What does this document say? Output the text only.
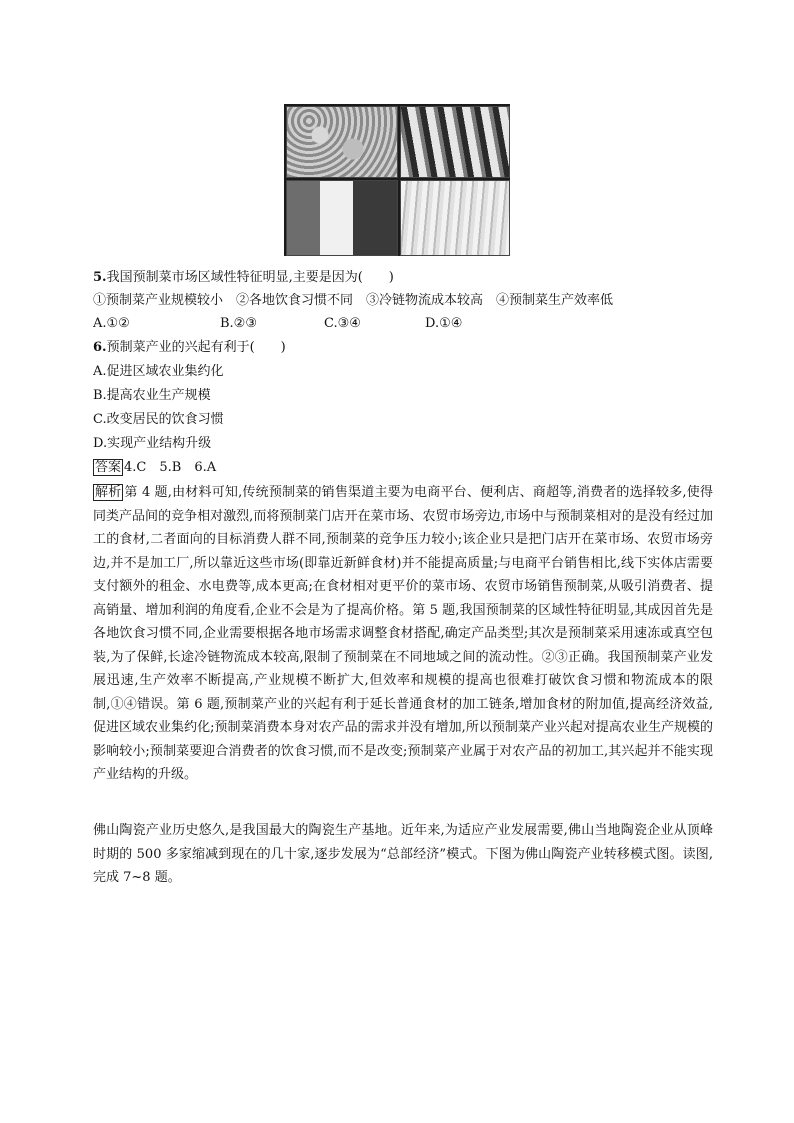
5.我国预制菜市场区域性特征明显,主要是因为(　　)
①预制菜产业规模较小　②各地饮食习惯不同　③冷链物流成本较高　④预制菜生产效率低
A.①②	B.②③	C.③④	D.①④
6.预制菜产业的兴起有利于(　　)
A.促进区域农业集约化
B.提高农业生产规模
C.改变居民的饮食习惯
D.实现产业结构升级
答案 4.C　5.B　6.A

解析 第 4 题,由材料可知,传统预制菜的销售渠道主要为电商平台、便利店、商超等,消费者的选择较多,使得同类产品间的竞争相对激烈,而将预制菜门店开在菜市场、农贸市场旁边,市场中与预制菜相对的是没有经过加工的食材,二者面向的目标消费人群不同,预制菜的竞争压力较小;该企业只是把门店开在菜市场、农贸市场旁边,并不是加工厂,所以靠近这些市场(即靠近新鲜食材)并不能提高质量;与电商平台销售相比,线下实体店需要支付额外的租金、水电费等,成本更高;在食材相对更平价的菜市场、农贸市场销售预制菜,从吸引消费者、提高销量、增加利润的角度看,企业不会是为了提高价格。第 5 题,我国预制菜的区域性特征明显,其成因首先是各地饮食习惯不同,企业需要根据各地市场需求调整食材搭配,确定产品类型;其次是预制菜采用速冻或真空包装,为了保鲜,长途冷链物流成本较高,限制了预制菜在不同地域之间的流动性。②③正确。我国预制菜产业发展迅速,生产效率不断提高,产业规模不断扩大,但效率和规模的提高也很难打破饮食习惯和物流成本的限制,①④错误。第 6 题,预制菜产业的兴起有利于延长普通食材的加工链条,增加食材的附加值,提高经济效益,促进区域农业集约化;预制菜消费本身对农产品的需求并没有增加,所以预制菜产业兴起对提高农业生产规模的影响较小;预制菜要迎合消费者的饮食习惯,而不是改变;预制菜产业属于对农产品的初加工,其兴起并不能实现产业结构的升级。

佛山陶瓷产业历史悠久,是我国最大的陶瓷生产基地。近年来,为适应产业发展需要,佛山当地陶瓷企业从顶峰时期的 500 多家缩减到现在的几十家,逐步发展为“总部经济”模式。下图为佛山陶瓷产业转移模式图。读图,完成 7~8 题。
